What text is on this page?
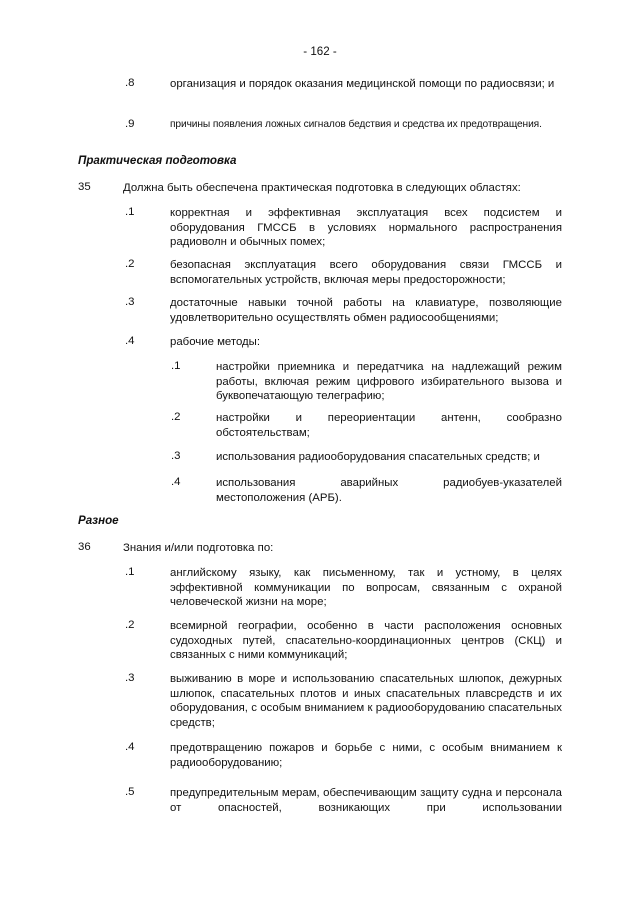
- 162 -
.8	организация и порядок оказания медицинской помощи по радиосвязи; и
.9	причины появления ложных сигналов бедствия и средства их предотвращения.
Практическая подготовка
35	Должна быть обеспечена практическая подготовка в следующих областях:
.1	корректная и эффективная эксплуатация всех подсистем и оборудования ГМССБ в условиях нормального распространения радиоволн и обычных помех;
.2	безопасная эксплуатация всего оборудования связи ГМССБ и вспомогательных устройств, включая меры предосторожности;
.3	достаточные навыки точной работы на клавиатуре, позволяющие удовлетворительно осуществлять обмен радиосообщениями;
.4	рабочие методы:
.1	настройки приемника и передатчика на надлежащий режим работы, включая режим цифрового избирательного вызова и буквопечатающую телеграфию;
.2	настройки и переориентации антенн, сообразно обстоятельствам;
.3	использования радиооборудования спасательных средств; и
.4	использования аварийных радиобуев-указателей местоположения (АРБ).
Разное
36	Знания и/или подготовка по:
.1	английскому языку, как письменному, так и устному, в целях эффективной коммуникации по вопросам, связанным с охраной человеческой жизни на море;
.2	всемирной географии, особенно в части расположения основных судоходных путей, спасательно-координационных центров (СКЦ) и связанных с ними коммуникаций;
.3	выживанию в море и использованию спасательных шлюпок, дежурных шлюпок, спасательных плотов и иных спасательных плавсредств и их оборудования, с особым вниманием к радиооборудованию спасательных средств;
.4	предотвращению пожаров и борьбе с ними, с особым вниманием к радиооборудованию;
.5	предупредительным мерам, обеспечивающим защиту судна и персонала от опасностей, возникающих при использовании
